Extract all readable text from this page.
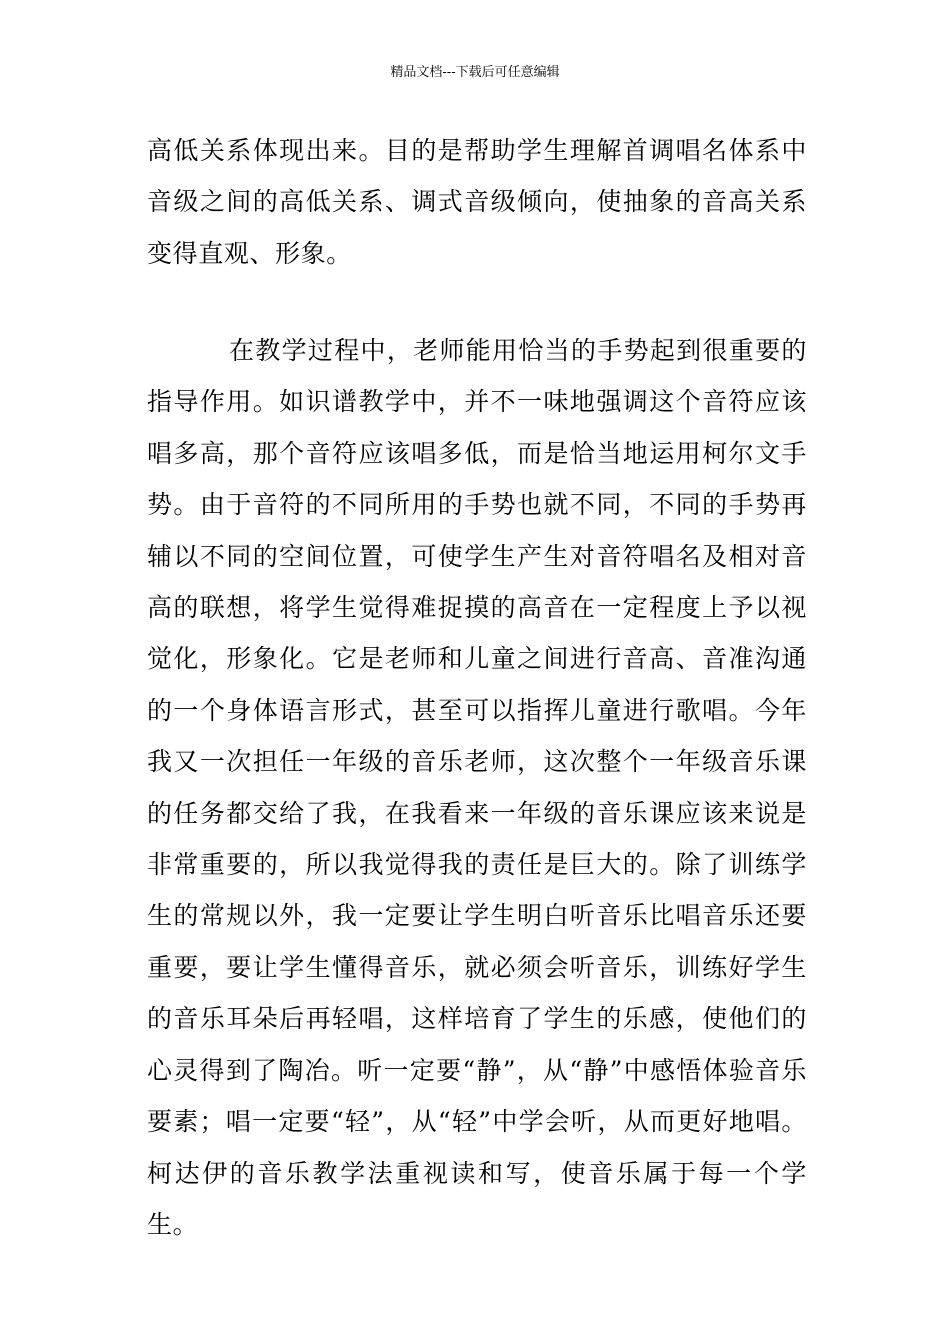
精品文档---下载后可任意编辑

高低关系体现出来。目的是帮助学生理解首调唱名体系中音级之间的高低关系、调式音级倾向，使抽象的音高关系变得直观、形象。

在教学过程中，老师能用恰当的手势起到很重要的指导作用。如识谱教学中，并不一味地强调这个音符应该唱多高，那个音符应该唱多低，而是恰当地运用柯尔文手势。由于音符的不同所用的手势也就不同，不同的手势再辅以不同的空间位置，可使学生产生对音符唱名及相对音高的联想，将学生觉得难捉摸的高音在一定程度上予以视觉化，形象化。它是老师和儿童之间进行音高、音准沟通的一个身体语言形式，甚至可以指挥儿童进行歌唱。今年我又一次担任一年级的音乐老师，这次整个一年级音乐课的任务都交给了我，在我看来一年级的音乐课应该来说是非常重要的，所以我觉得我的责任是巨大的。除了训练学生的常规以外，我一定要让学生明白听音乐比唱音乐还要重要，要让学生懂得音乐，就必须会听音乐，训练好学生的音乐耳朵后再轻唱，这样培育了学生的乐感，使他们的心灵得到了陶冶。听一定要“静”，从“静”中感悟体验音乐要素；唱一定要“轻”，从“轻”中学会听，从而更好地唱。柯达伊的音乐教学法重视读和写，使音乐属于每一个学生。
